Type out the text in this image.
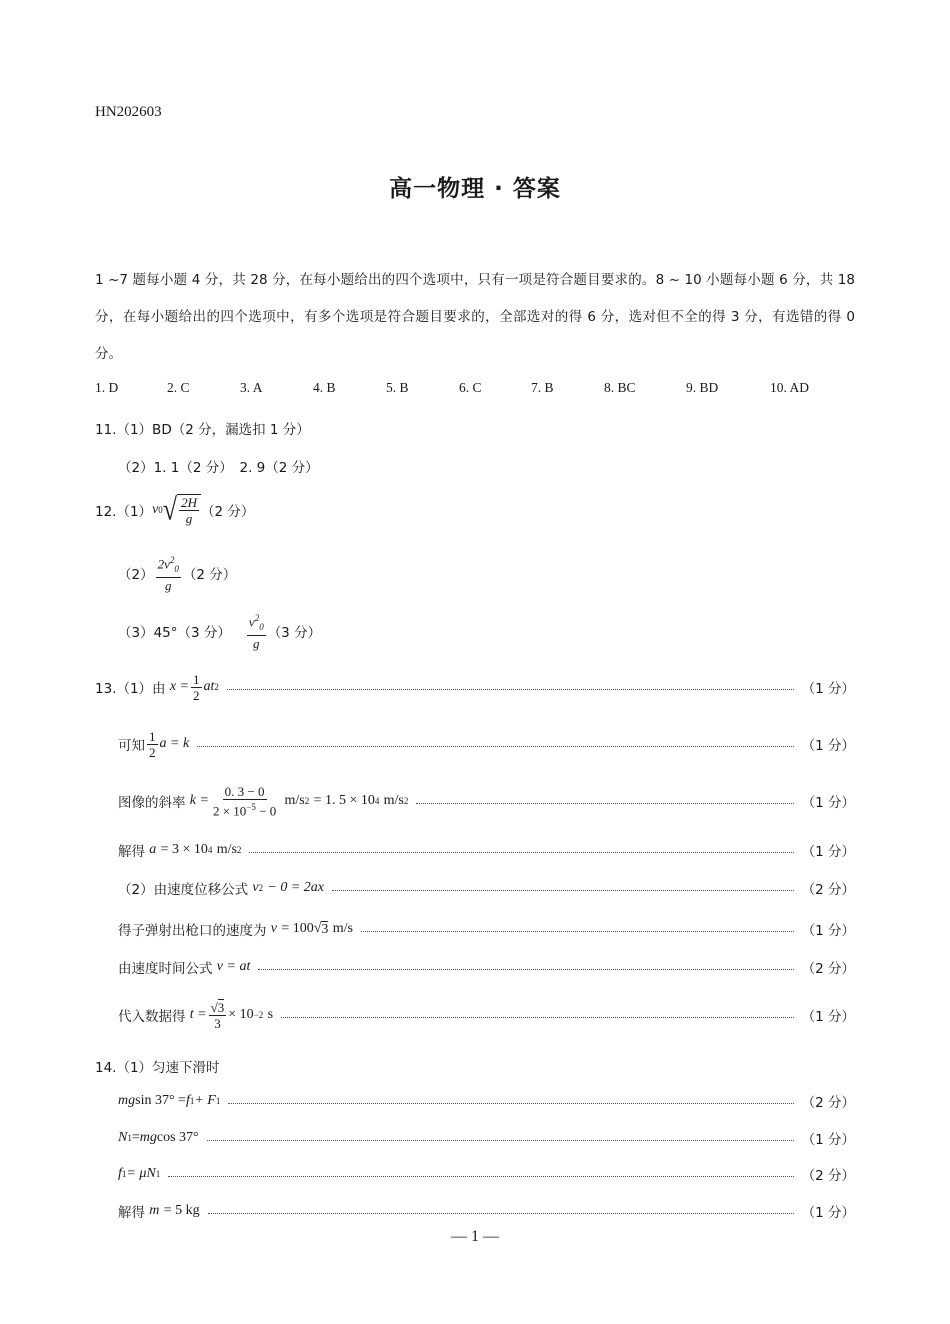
HN202603
高一物理 · 答案
1 ~7 题每小题 4 分，共 28 分，在每小题给出的四个选项中，只有一项是符合题目要求的。8 ~ 10 小题每小题 6 分，共 18 分，在每小题给出的四个选项中，有多个选项是符合题目要求的，全部选对的得 6 分，选对但不全的得 3 分，有选错的得 0 分。
1. D	2. C	3. A	4. B	5. B	6. C	7. B	8. BC	9. BD	10. AD
11.（1）BD（2 分，漏选扣 1 分）
（2）1. 1（2 分）　2. 9（2 分）
12.（1） v 0 √ $\frac{2H}{g} (2$ 分）
$(2) \frac{2v^2_0}{g} (2$ 分）
（3）45°（3 分） $\frac{v^2_0}{g} (3$ 分）
13.（1）由
$x = \frac{1}{2}$ at 2	（1 分）
可知 $\frac{1}{2}$ a = k	（1 分）
图像的斜率
$k = \frac{0. 3 - 0}{2 \times 10^{-5} - 0}$
m/s 2
= 1. 5 × 10 4
m/s 2	（1 分）
解得
a
= 3 × 10 4
m/s 2	（1 分）
（2）由速度位移公式
v 2
− 0 = 2ax	（2 分）
得子弹射出枪口的速度为
v
= 100 √ 3
m/s	（1 分）
由速度时间公式
v = at	（2 分）
代入数据得
$t = \frac{√3}{3} \times 10 -2$
s	（1 分）
14.（1）匀速下滑时
mg sin 37° = f 1 + F 1	（2 分）
N 1 = mg cos 37°	（1 分）
f 1 = μN 1	（2 分）
解得
m
= 5 kg	（1 分）
— 1 —
